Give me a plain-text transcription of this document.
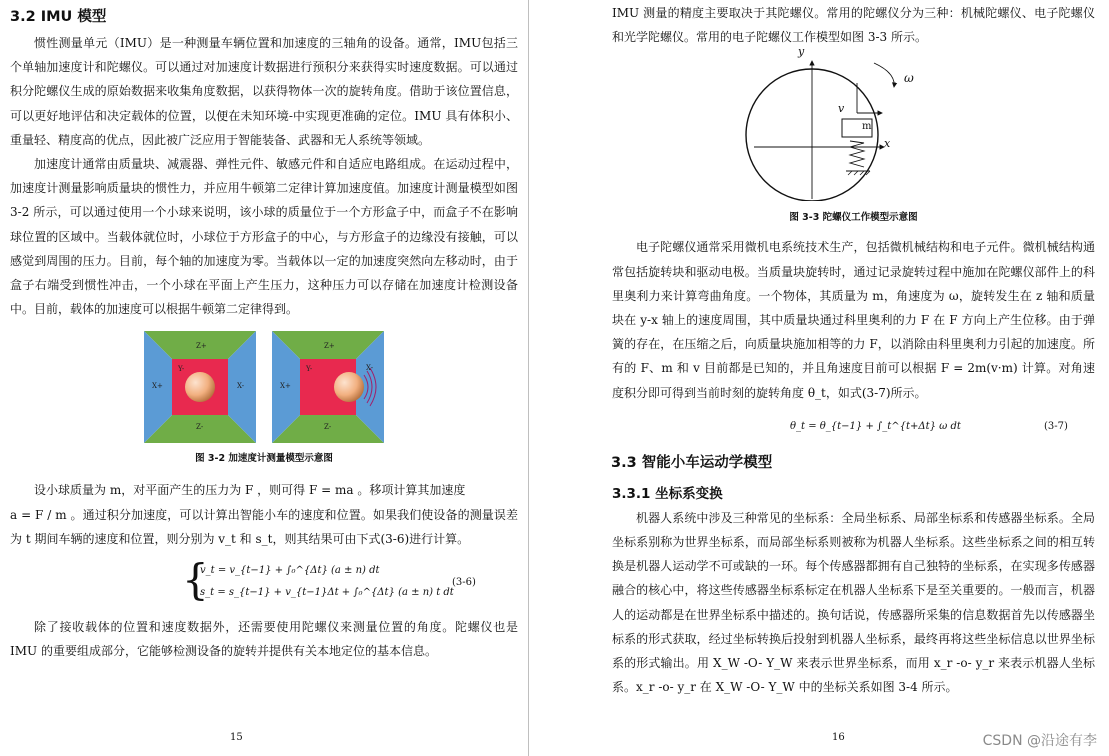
3.2 IMU 模型

惯性测量单元（IMU）是一种测量车辆位置和加速度的三轴角的设备。通常，IMU包括三个单轴加速度计和陀螺仪。可以通过对加速度计数据进行预积分来获得实时速度数据。可以通过积分陀螺仪生成的原始数据来收集角度数据，以获得物体一次的旋转角度。借助于该位置信息，可以更好地评估和决定载体的位置，以便在未知环境-中实现更准确的定位。IMU 具有体积小、重量轻、精度高的优点，因此被广泛应用于智能装备、武器和无人系统等领域。

加速度计通常由质量块、减震器、弹性元件、敏感元件和自适应电路组成。在运动过程中，加速度计测量影响质量块的惯性力，并应用牛顿第二定律计算加速度值。加速度计测量模型如图 3-2 所示，可以通过使用一个小球来说明，该小球的质量位于一个方形盒子中，而盒子不在影响球位置的区域中。当载体就位时，小球位于方形盒子的中心，与方形盒子的边缘没有接触，可以感觉到周围的压力。目前，每个轴的加速度为零。当载体以一定的加速度突然向左移动时，由于盒子右端受到惯性冲击，一个小球在平面上产生压力，这种压力可以存储在加速度计检测设备中。目前，载体的加速度可以根据牛顿第二定律得到。

Z+
Z-
X+	X-
Y-
Z+
Z-
X+
X-
Y-
图 3-2 加速度计测量模型示意图

设小球质量为 m，对平面产生的压力为 F ，则可得 F = ma 。移项计算其加速度

a = F / m 。通过积分加速度，可以计算出智能小车的速度和位置。如果我们使设备的测量误差为 t 期间车辆的速度和位置，则分别为 v_t 和 s_t，则其结果可由下式(3-6)进行计算。

{
v_t = v_{t−1} + ∫₀^{Δt} (a ± n) dt
s_t = s_{t−1} + v_{t−1}Δt + ∫₀^{Δt} (a ± n) t dt
(3-6)

除了接收载体的位置和速度数据外，还需要使用陀螺仪来测量位置的角度。陀螺仪也是 IMU 的重要组成部分，它能够检测设备的旋转并提供有关本地定位的基本信息。

15

IMU 测量的精度主要取决于其陀螺仪。常用的陀螺仪分为三种：机械陀螺仪、电子陀螺仪和光学陀螺仪。常用的电子陀螺仪工作模型如图 3-3 所示。

y
x
v
ω
m
图 3-3 陀螺仪工作模型示意图

电子陀螺仪通常采用微机电系统技术生产，包括微机械结构和电子元件。微机械结构通常包括旋转块和驱动电极。当质量块旋转时，通过记录旋转过程中施加在陀螺仪部件上的科里奥利力来计算弯曲角度。一个物体，其质量为 m，角速度为 ω，旋转发生在 z 轴和质量块在 y-x 轴上的速度周围，其中质量块通过科里奥利的力 F 在 F 方向上产生位移。由于弹簧的存在，在压缩之后，向质量块施加相等的力 F，以消除由科里奥利力引起的加速度。所有的 F、m 和 v 目前都是已知的，并且角速度目前可以根据 F = 2m(v·m) 计算。对角速度积分即可得到当前时刻的旋转角度 θ_t，如式(3-7)所示。

θ_t = θ_{t−1} + ∫_t^{t+Δt} ω dt	(3-7)
3.3 智能小车运动学模型
3.3.1 坐标系变换

机器人系统中涉及三种常见的坐标系：全局坐标系、局部坐标系和传感器坐标系。全局坐标系别称为世界坐标系，而局部坐标系则被称为机器人坐标系。这些坐标系之间的相互转换是机器人运动学不可或缺的一环。每个传感器都拥有自己独特的坐标系，在实现多传感器融合的核心中，将这些传感器坐标系标定在机器人坐标系下是至关重要的。一般而言，机器人的运动都是在世界坐标系中描述的。换句话说，传感器所采集的信息数据首先以传感器坐标系的形式获取，经过坐标转换后投射到机器人坐标系，最终再将这些坐标信息以世界坐标系的形式输出。用 X_W -O- Y_W 来表示世界坐标系，而用 x_r -o- y_r 来表示机器人坐标系。x_r -o- y_r 在 X_W -O- Y_W 中的坐标关系如图 3-4 所示。

16	CSDN @沿途有李
